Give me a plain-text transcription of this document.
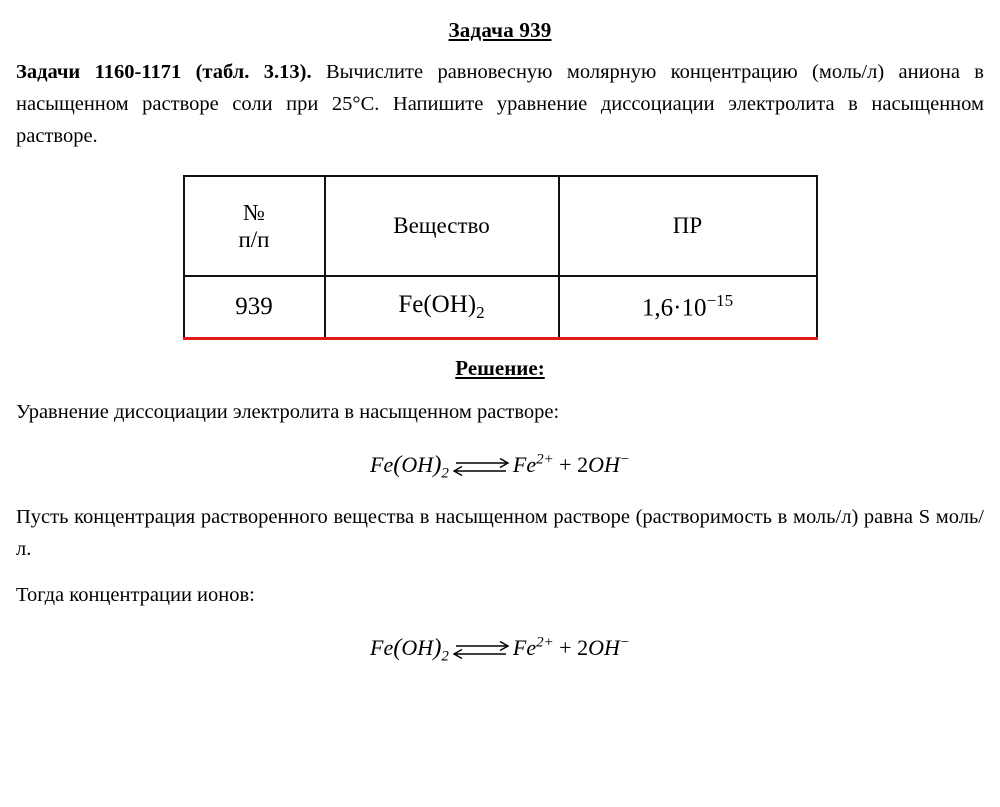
Задача 939

Задачи 1160-1171 (табл. 3.13). Вычислите равновесную молярную концентрацию (моль/л) аниона в насыщенном растворе соли при 25°С. Напишите уравнение диссоциации электролита в насыщенном растворе.

№
п/п	Вещество	ПР
939	$Fe(OH)_2$	$1,6\cdot 10^{-15}$
Решение:

Уравнение диссоциации электролита в насыщенном растворе:

$Fe(OH)_2\rightleftharpoons Fe^{2+} + 2OH^-$

Пусть концентрация растворенного вещества в насыщенном растворе (растворимость в моль/л) равна S моль/л.

Тогда концентрации ионов:

$Fe(OH)_2\rightleftharpoons Fe^{2+} + 2OH^-$
